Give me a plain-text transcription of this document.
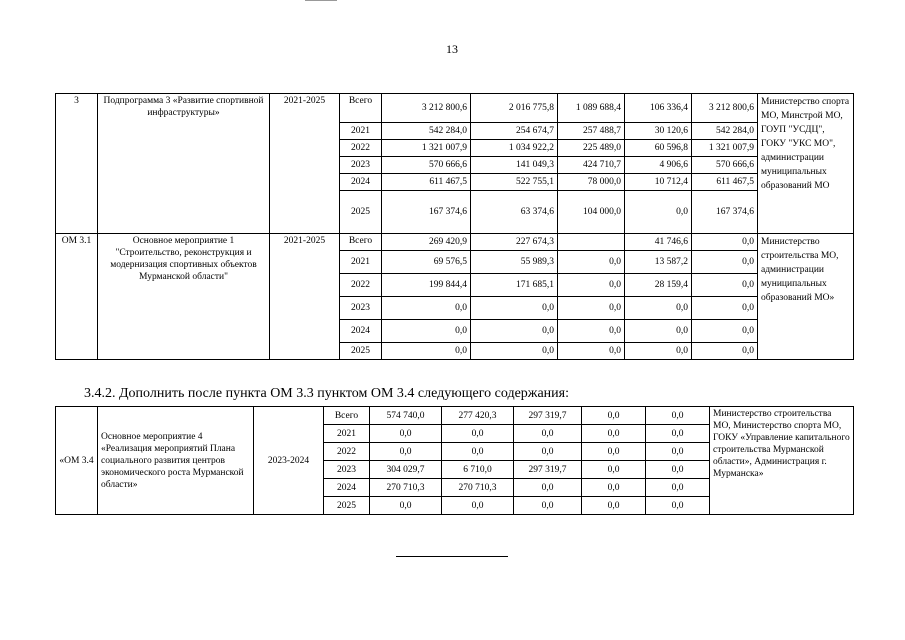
13
3	Подпрограмма 3 «Развитие спортивной инфраструктуры»	2021-2025	Всего	3 212 800,6	2 016 775,8	1 089 688,4	106 336,4	3 212 800,6	Министерство спорта МО, Минстрой МО, ГОУП "УСДЦ", ГОКУ "УКС МО", администрации муниципальных образований МО
			2021	542 284,0	254 674,7	257 488,7	30 120,6	542 284,0	
			2022	1 321 007,9	1 034 922,2	225 489,0	60 596,8	1 321 007,9	
			2023	570 666,6	141 049,3	424 710,7	4 906,6	570 666,6	
			2024	611 467,5	522 755,1	78 000,0	10 712,4	611 467,5	
			2025	167 374,6	63 374,6	104 000,0	0,0	167 374,6	
ОМ 3.1	Основное мероприятие 1 "Строительство, реконструкция и модернизация спортивных объектов Мурманской области"	2021-2025	Всего	269 420,9	227 674,3		41 746,6	0,0	Министерство строительства МО, администрации муниципальных образований МО»
			2021	69 576,5	55 989,3	0,0	13 587,2	0,0	
			2022	199 844,4	171 685,1	0,0	28 159,4	0,0	
			2023	0,0	0,0	0,0	0,0	0,0	
			2024	0,0	0,0	0,0	0,0	0,0	
			2025	0,0	0,0	0,0	0,0	0,0	
3.4.2. Дополнить после пункта ОМ 3.3 пунктом ОМ 3.4 следующего содержания:
«ОМ 3.4	Основное мероприятие 4 «Реализация мероприятий Плана социального развития центров экономического роста Мурманской области»	2023-2024	Всего	574 740,0	277 420,3	297 319,7	0,0	0,0	Министерство строительства МО, Министерство спорта МО, ГОКУ «Управление капитального строительства Мурманской области», Администрация г. Мурманска»
			2021	0,0	0,0	0,0	0,0	0,0	
			2022	0,0	0,0	0,0	0,0	0,0	
			2023	304 029,7	6 710,0	297 319,7	0,0	0,0	
			2024	270 710,3	270 710,3	0,0	0,0	0,0	
			2025	0,0	0,0	0,0	0,0	0,0	
